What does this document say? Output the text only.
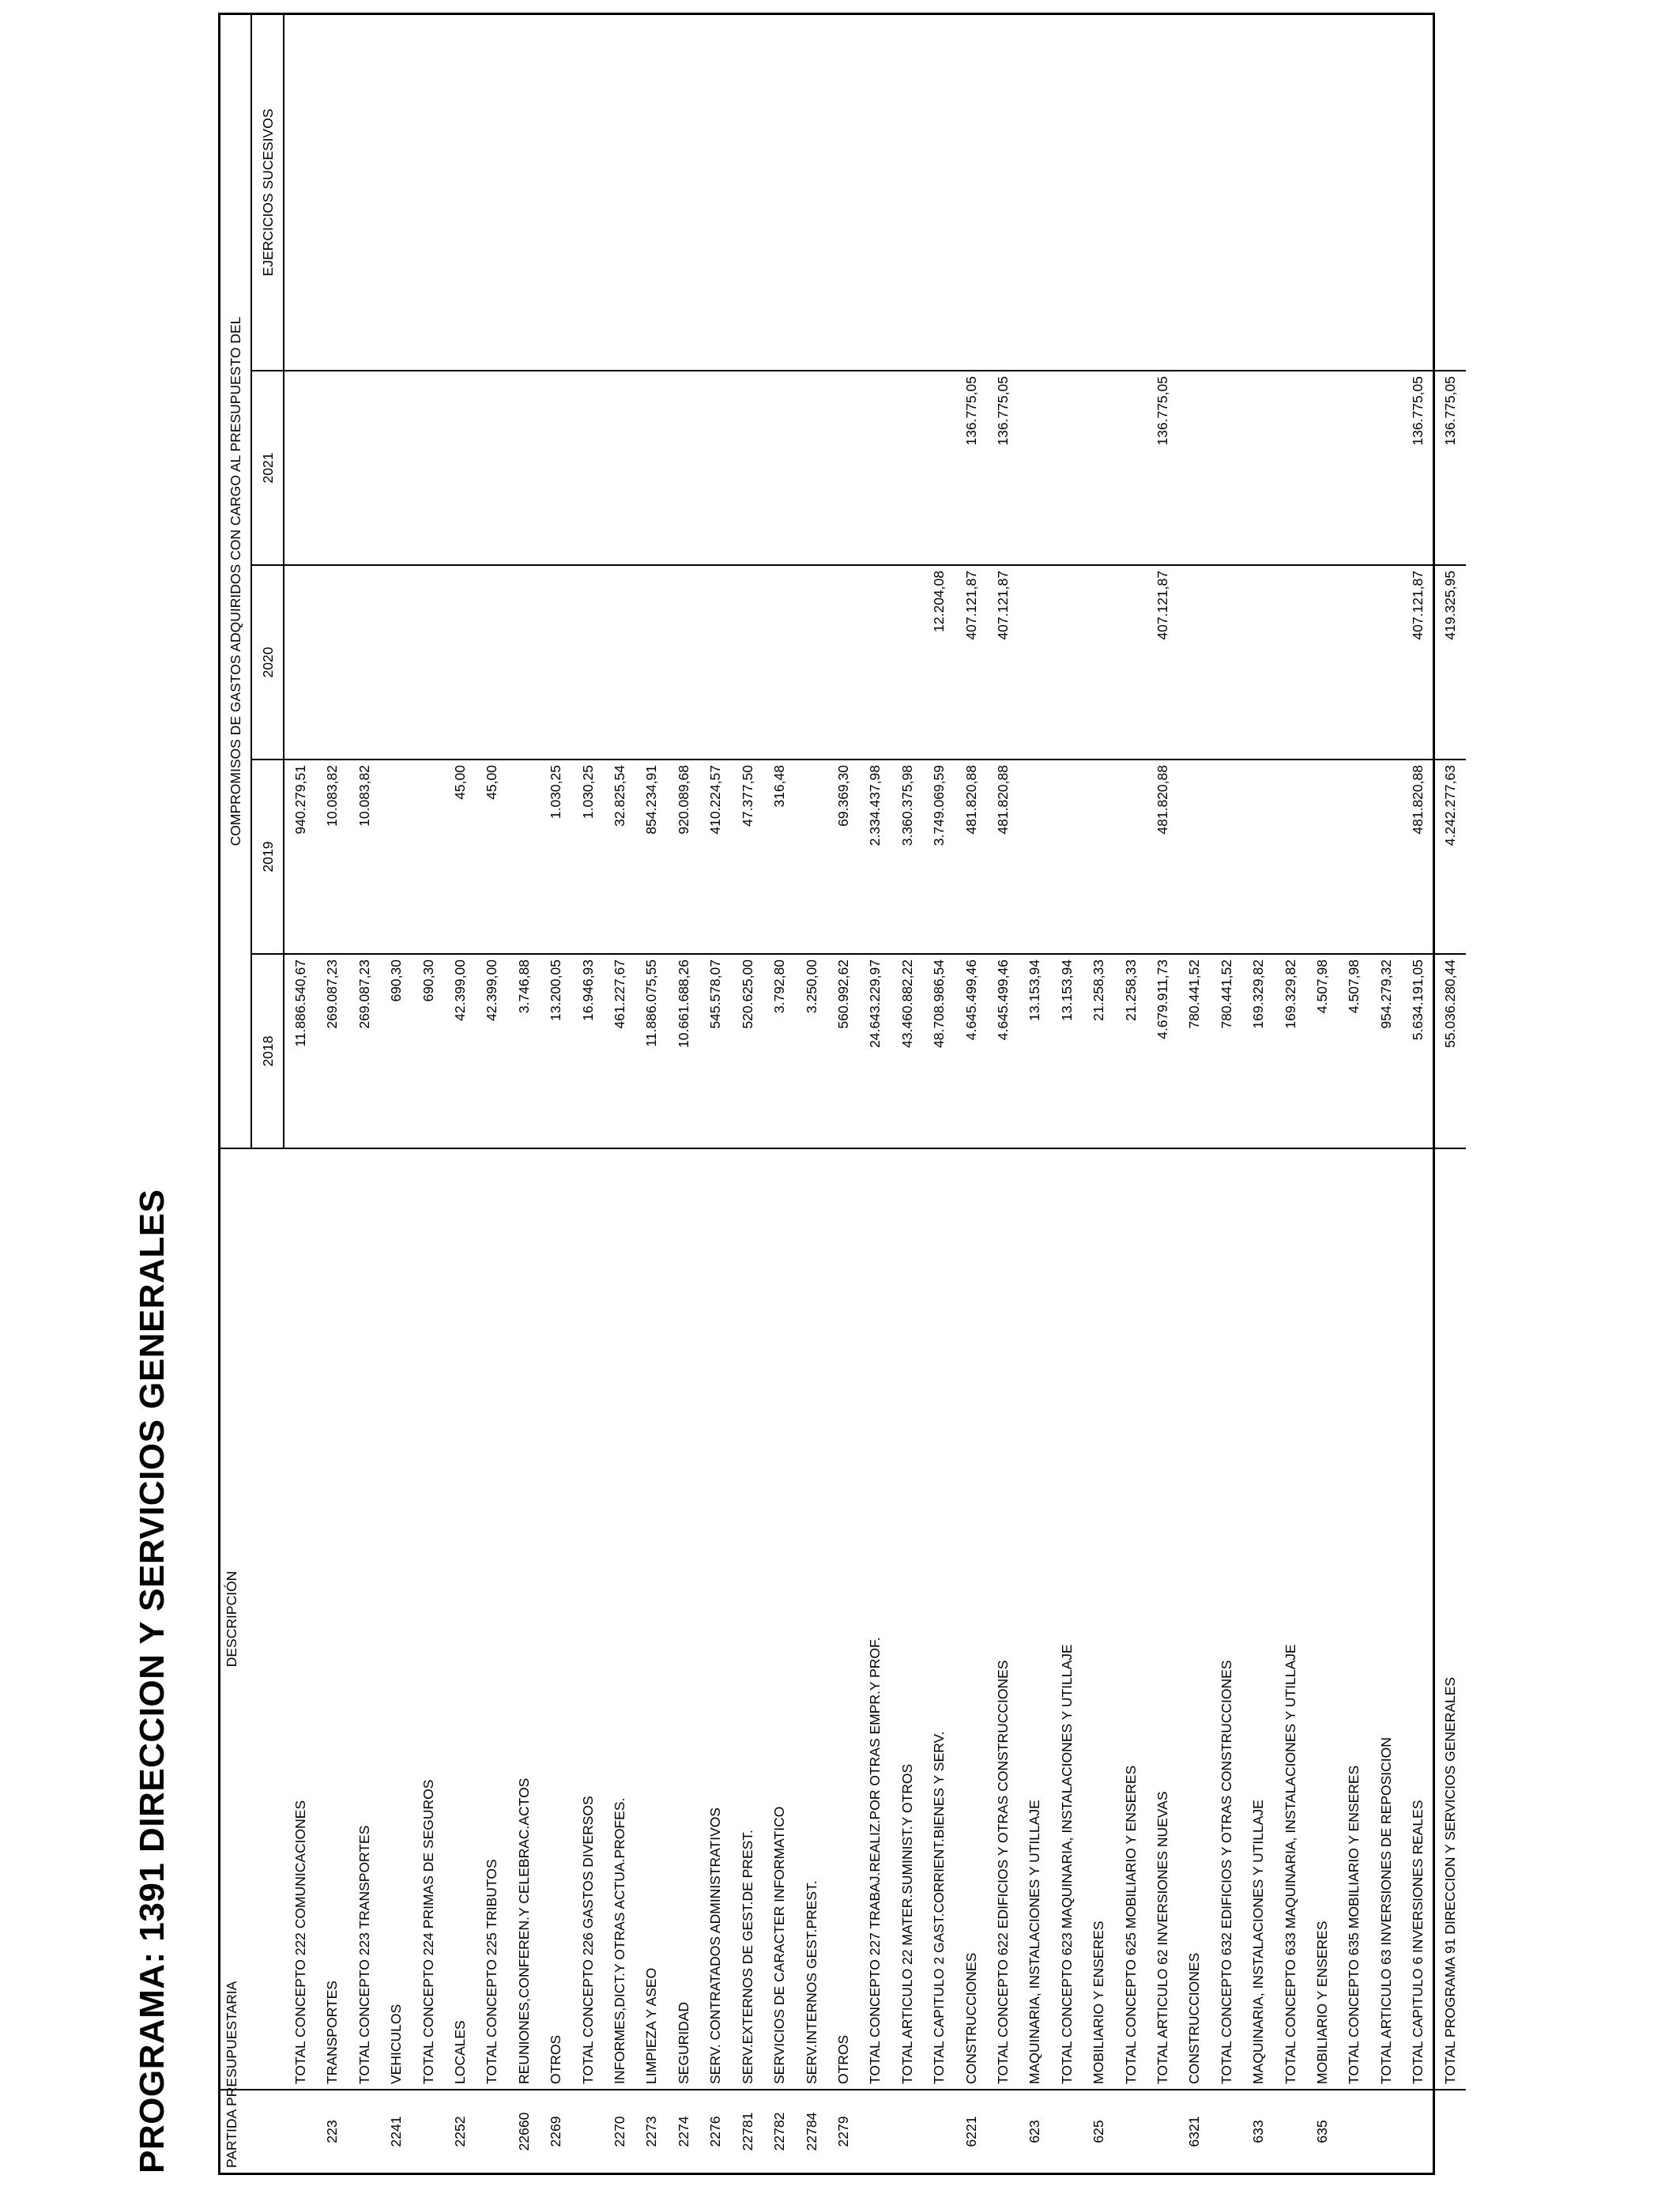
PROGRAMA: 1391 DIRECCION Y SERVICIOS GENERALES	PARTIDA PRESUPUESTARIA	DESCRIPCIÓN	COMPROMISOS DE GASTOS ADQUIRIDOS CON CARGO AL PRESUPUESTO DEL				
		2018	2019	2020	2021	EJERCICIOS SUCESIVOS
	TOTAL CONCEPTO 222 COMUNICACIONES	11.886.540,67	940.279,51			
223	TRANSPORTES	269.087,23	10.083,82			
	TOTAL CONCEPTO 223 TRANSPORTES	269.087,23	10.083,82			
2241	VEHICULOS	690,30				
	TOTAL CONCEPTO 224 PRIMAS DE SEGUROS	690,30				
2252	LOCALES	42.399,00	45,00			
	TOTAL CONCEPTO 225 TRIBUTOS	42.399,00	45,00			
22660	REUNIONES,CONFEREN.Y CELEBRAC.ACTOS	3.746,88				
2269	OTROS	13.200,05	1.030,25			
	TOTAL CONCEPTO 226 GASTOS DIVERSOS	16.946,93	1.030,25			
2270	INFORMES,DICT.Y OTRAS ACTUA.PROFES.	461.227,67	32.825,54			
2273	LIMPIEZA Y ASEO	11.886.075,55	854.234,91			
2274	SEGURIDAD	10.661.688,26	920.089,68			
2276	SERV. CONTRATADOS ADMINISTRATIVOS	545.578,07	410.224,57			
22781	SERV.EXTERNOS DE GEST.DE PREST.	520.625,00	47.377,50			
22782	SERVICIOS DE CARACTER INFORMATICO	3.792,80	316,48			
22784	SERV.INTERNOS GEST.PREST.	3.250,00				
2279	OTROS	560.992,62	69.369,30			
	TOTAL CONCEPTO 227 TRABAJ.REALIZ.POR OTRAS EMPR.Y PROF.	24.643.229,97	2.334.437,98			
	TOTAL ARTICULO 22 MATER.SUMINIST.Y OTROS	43.460.882,22	3.360.375,98			
	TOTAL CAPITULO 2 GAST.CORRIENT.BIENES Y SERV.	48.708.986,54	3.749.069,59	12.204,08		
6221	CONSTRUCCIONES	4.645.499,46	481.820,88	407.121,87	136.775,05	
	TOTAL CONCEPTO 622 EDIFICIOS Y OTRAS CONSTRUCCIONES	4.645.499,46	481.820,88	407.121,87	136.775,05	
623	MAQUINARIA, INSTALACIONES Y UTILLAJE	13.153,94				
	TOTAL CONCEPTO 623 MAQUINARIA, INSTALACIONES Y UTILLAJE	13.153,94				
625	MOBILIARIO Y ENSERES	21.258,33				
	TOTAL CONCEPTO 625 MOBILIARIO Y ENSERES	21.258,33				
	TOTAL ARTICULO 62 INVERSIONES NUEVAS	4.679.911,73	481.820,88	407.121,87	136.775,05	
6321	CONSTRUCCIONES	780.441,52				
	TOTAL CONCEPTO 632 EDIFICIOS Y OTRAS CONSTRUCCIONES	780.441,52				
633	MAQUINARIA, INSTALACIONES Y UTILLAJE	169.329,82				
	TOTAL CONCEPTO 633 MAQUINARIA, INSTALACIONES Y UTILLAJE	169.329,82				
635	MOBILIARIO Y ENSERES	4.507,98				
	TOTAL CONCEPTO 635 MOBILIARIO Y ENSERES	4.507,98				
	TOTAL ARTICULO 63 INVERSIONES DE REPOSICION	954.279,32				
	TOTAL CAPITULO 6 INVERSIONES REALES	5.634.191,05	481.820,88	407.121,87	136.775,05	
	TOTAL PROGRAMA 91 DIRECCION Y SERVICIOS GENERALES	55.036.280,44	4.242.277,63	419.325,95	136.775,05	
